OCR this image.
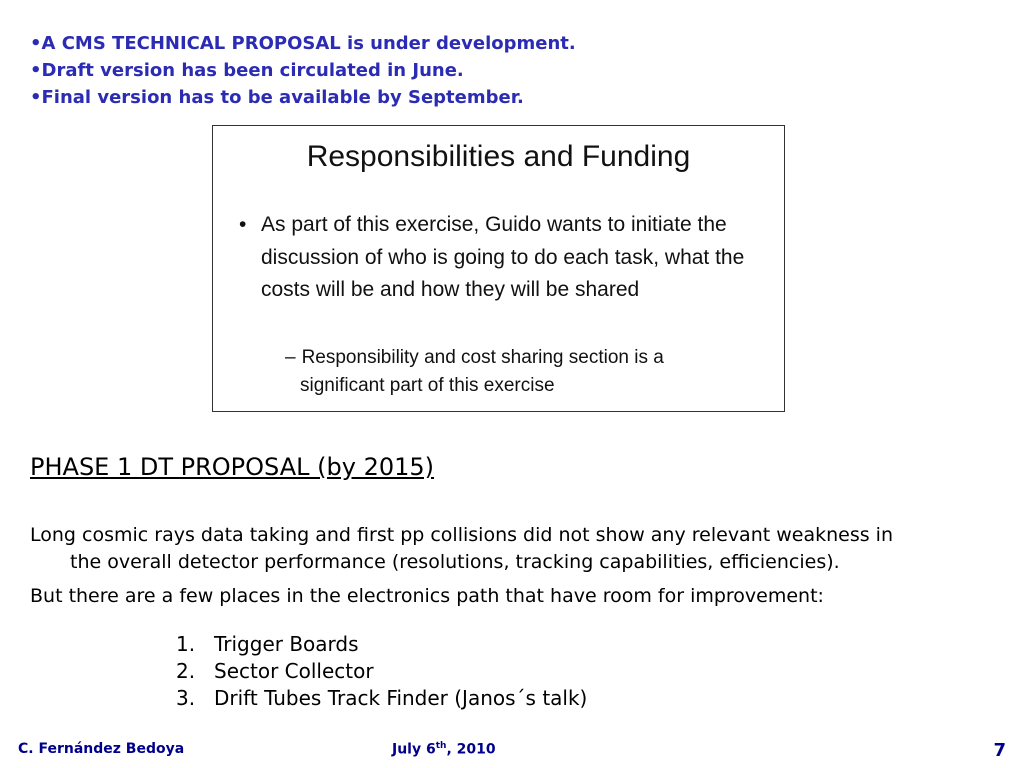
•A CMS TECHNICAL PROPOSAL is under development.
•Draft version has been circulated in June.
•Final version has to be available by September.
Responsibilities and Funding
• As part of this exercise, Guido wants to initiate the discussion of who is going to do each task, what the costs will be and how they will be shared
– Responsibility and cost sharing section is a
significant part of this exercise
PHASE 1 DT PROPOSAL (by 2015)
Long cosmic rays data taking and first pp collisions did not show any relevant weakness in
the overall detector performance (resolutions, tracking capabilities, efficiencies).
But there are a few places in the electronics path that have room for improvement:
1. Trigger Boards
2. Sector Collector
3. Drift Tubes Track Finder (Janos´s talk)
C. Fernández Bedoya	July 6th, 2010	7
